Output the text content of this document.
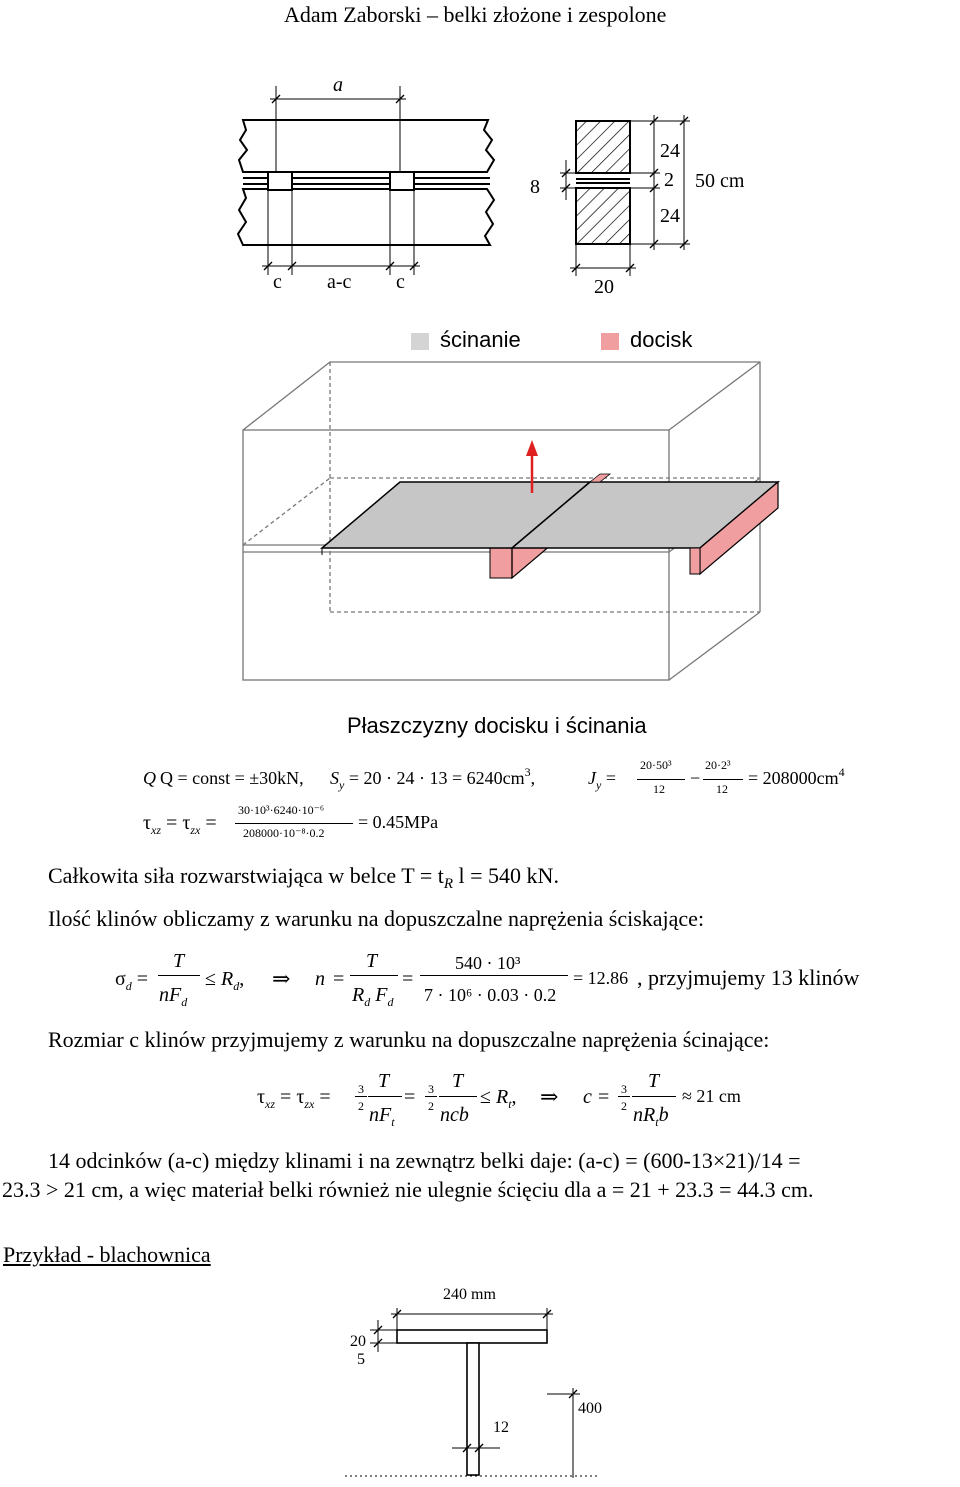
Adam Zaborski – belki złożone i zespolone
a
c a-c c
8
24
2
24
50 cm
20
ścinanie	docisk
Płaszczyzny docisku i ścinania
Q Q = const = ±30kN, $S_y = 20 \cdot 24 \cdot 13 = 6240cm^3$,	$J_y$ =
20·50³
12
−
20·2³
12
= $208000cm^4$
$\tau_{xz} = \tau_{zx}$ =
30·10³·6240·10⁻⁶
208000·10⁻⁸·0.2
= 0.45MPa
Całkowita siła rozwarstwiająca w belce $T = t_R$ l = 540 kN.
Ilość klinów obliczamy z warunku na dopuszczalne naprężenia ściskające:
$\sigma_d$ =
T
$nF_d$
≤ $R_d$, ⇒ n =
T
$R_d$ $F_d$
=
540 · 10³
7 · 10⁶ · 0.03 · 0.2
= 12.86 , przyjmujemy 13 klinów
Rozmiar c klinów przyjmujemy z warunku na dopuszczalne naprężenia ścinające:
$\tau_{xz} = \tau_{zx} = 3$
2
T
$nF_t$
= 3
2
T
ncb
≤ $R_t$, ⇒ c = 3
2
T
$nR_tb$
≈ 21 cm
14 odcinków (a-c) między klinami i na zewnątrz belki daje: (a-c) = (600-13×21)/14 =
23.3 > 21 cm, a więc materiał belki również nie ulegnie ścięciu dla a = 21 + 23.3 = 44.3 cm.
Przykład - blachownica
240 mm
20
5
12
400
